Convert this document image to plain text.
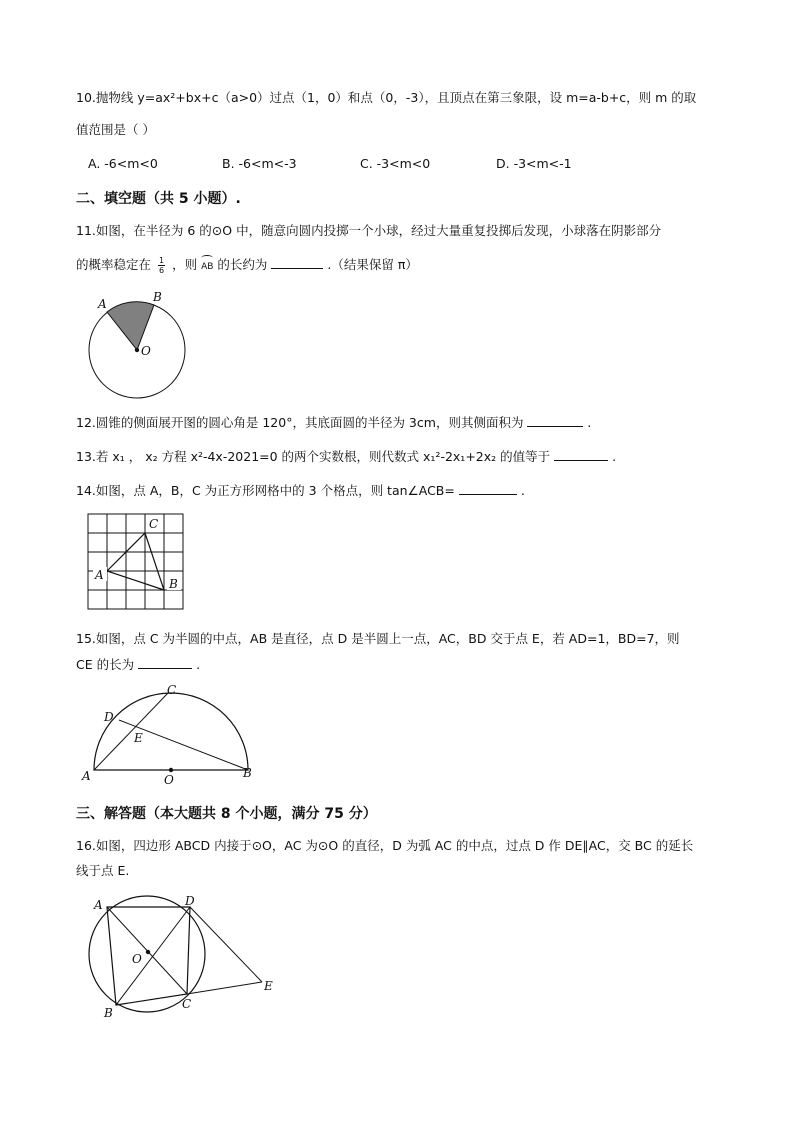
10.抛物线 y=ax²+bx+c（a>0）过点（1，0）和点（0，-3），且顶点在第三象限，设 m=a-b+c，则 m 的取
值范围是（ ）
A. -6<m<0	B. -6<m<-3	C. -3<m<0	D. -3<m<-1
二、填空题（共 5 小题）.
11.如图，在半径为 6 的⊙O 中，随意向圆内投掷一个小球，经过大量重复投掷后发现，小球落在阴影部分
的概率稳定在 $\frac{1}{6}$ ，则 AB 的长约为	.（结果保留 π）
A	B
O
12.圆锥的侧面展开图的圆心角是 120°，其底面圆的半径为 3cm，则其侧面积为	.
13.若 x₁ ， x₂ 方程 x²-4x-2021=0 的两个实数根，则代数式 x₁²-2x₁+2x₂ 的值等于	.
14.如图，点 A，B，C 为正方形网格中的 3 个格点，则 tan∠ACB=	.
A
C
B
15.如图，点 C 为半圆的中点，AB 是直径，点 D 是半圆上一点，AC，BD 交于点 E，若 AD=1，BD=7，则
CE 的长为	.
A	B
C
D
E
O
三、解答题（本大题共 8 个小题，满分 75 分）
16.如图，四边形 ABCD 内接于⊙O，AC 为⊙O 的直径，D 为弧 AC 的中点，过点 D 作 DE∥AC，交 BC 的延长
线于点 E.
A	D
O
B
C
E
